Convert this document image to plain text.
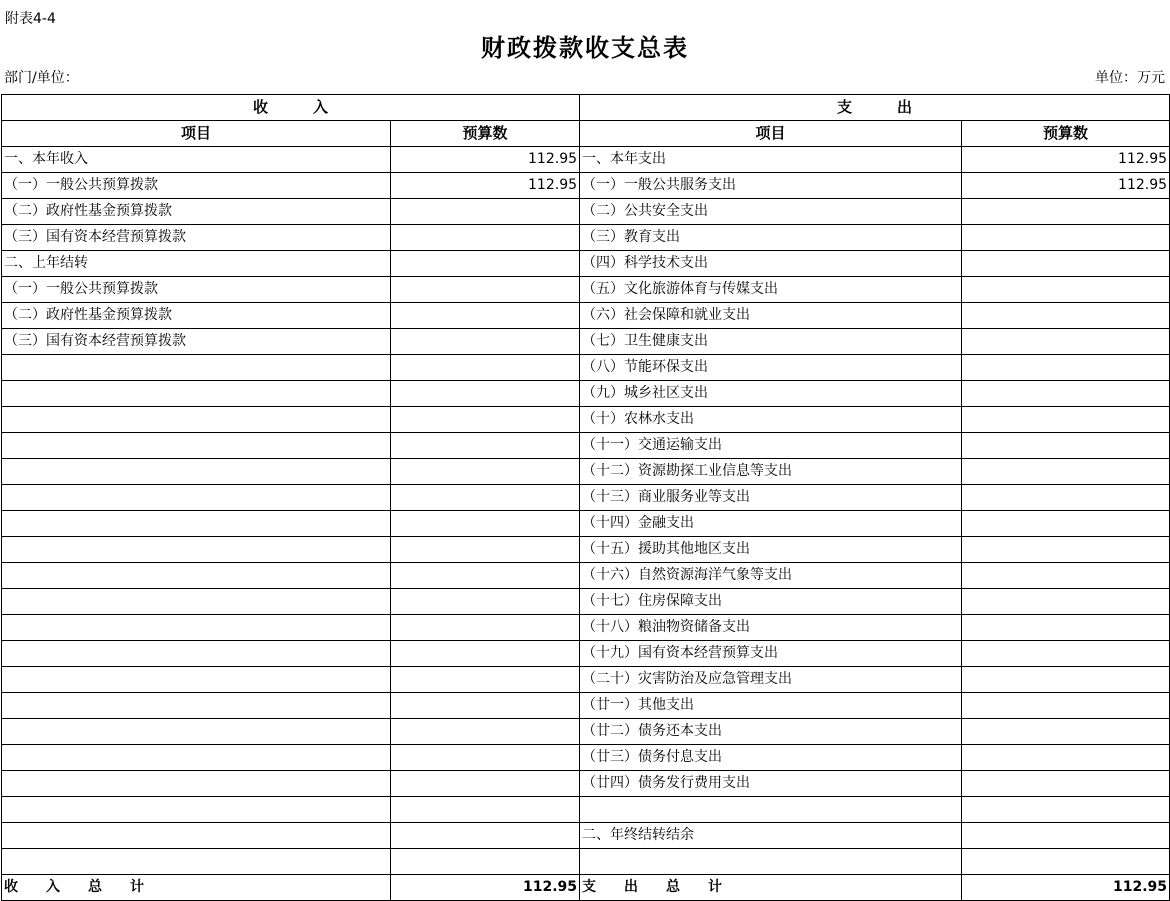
附表4-4
财政拨款收支总表
部门/单位：	单位：万元
收　　　入		支　　　出	
项目	预算数	项目	预算数
一、本年收入	112.95	一、本年支出	112.95
（一）一般公共预算拨款	112.95	（一）一般公共服务支出	112.95
（二）政府性基金预算拨款		（二）公共安全支出	
（三）国有资本经营预算拨款		（三）教育支出	
二、上年结转		（四）科学技术支出	
（一）一般公共预算拨款		（五）文化旅游体育与传媒支出	
（二）政府性基金预算拨款		（六）社会保障和就业支出	
（三）国有资本经营预算拨款		（七）卫生健康支出	
		（八）节能环保支出	
		（九）城乡社区支出	
		（十）农林水支出	
		（十一）交通运输支出	
		（十二）资源勘探工业信息等支出	
		（十三）商业服务业等支出	
		（十四）金融支出	
		（十五）援助其他地区支出	
		（十六）自然资源海洋气象等支出	
		（十七）住房保障支出	
		（十八）粮油物资储备支出	
		（十九）国有资本经营预算支出	
		（二十）灾害防治及应急管理支出	
		（廿一）其他支出	
		（廿二）债务还本支出	
		（廿三）债务付息支出	
		（廿四）债务发行费用支出	

		二、年终结转结余	

收　　入　　总　　计	112.95	支　　出　　总　　计	112.95
